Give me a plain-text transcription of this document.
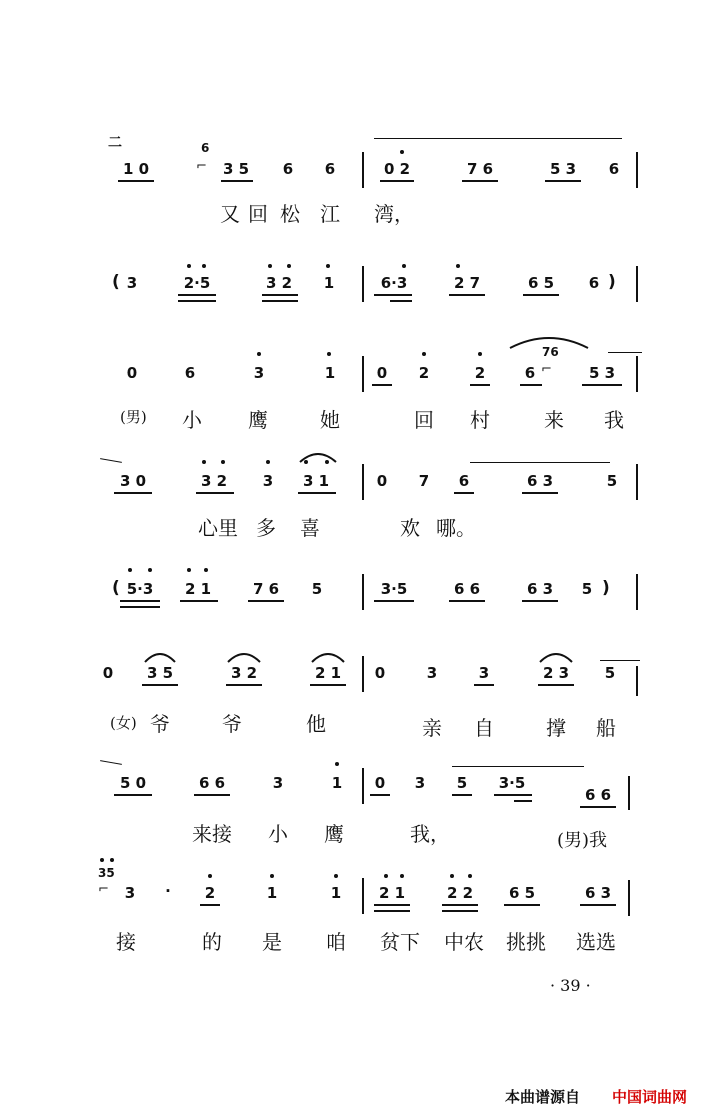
二
1 0
6
⌐ 3 5 6 6	0 2	7 6	5 3 6
又 回 松 江 湾，
( 3	2·5	3 2 1	6·3	2 7	6 5 6 )
0	6	3	1	0 2	2	6
76
⌐ 5 3
(男) 小 鹰	她	回 村	来 我
3 0	3 2 3 3 1	0 7 6	6 3	5
心里 多 喜	欢 哪。
( 5·3 2 1	7 6 5	3·5	6 6	6 3 5 )
0 3 5	3 2	2 1 0	3	3	2 3 5
(女) 爷	爷	他	亲 自	撑 船
5 0	6 6	3	1 0 3 5 3·5
6 6
来接 小 鹰	我，	(男)我
35
⌐ 3 · 2	1	1	2 1	2 2 6 5	6 3
接	的 是 咱 贫下 中农 挑挑 选选
· 39 ·
本曲谱源自 中国词曲网
